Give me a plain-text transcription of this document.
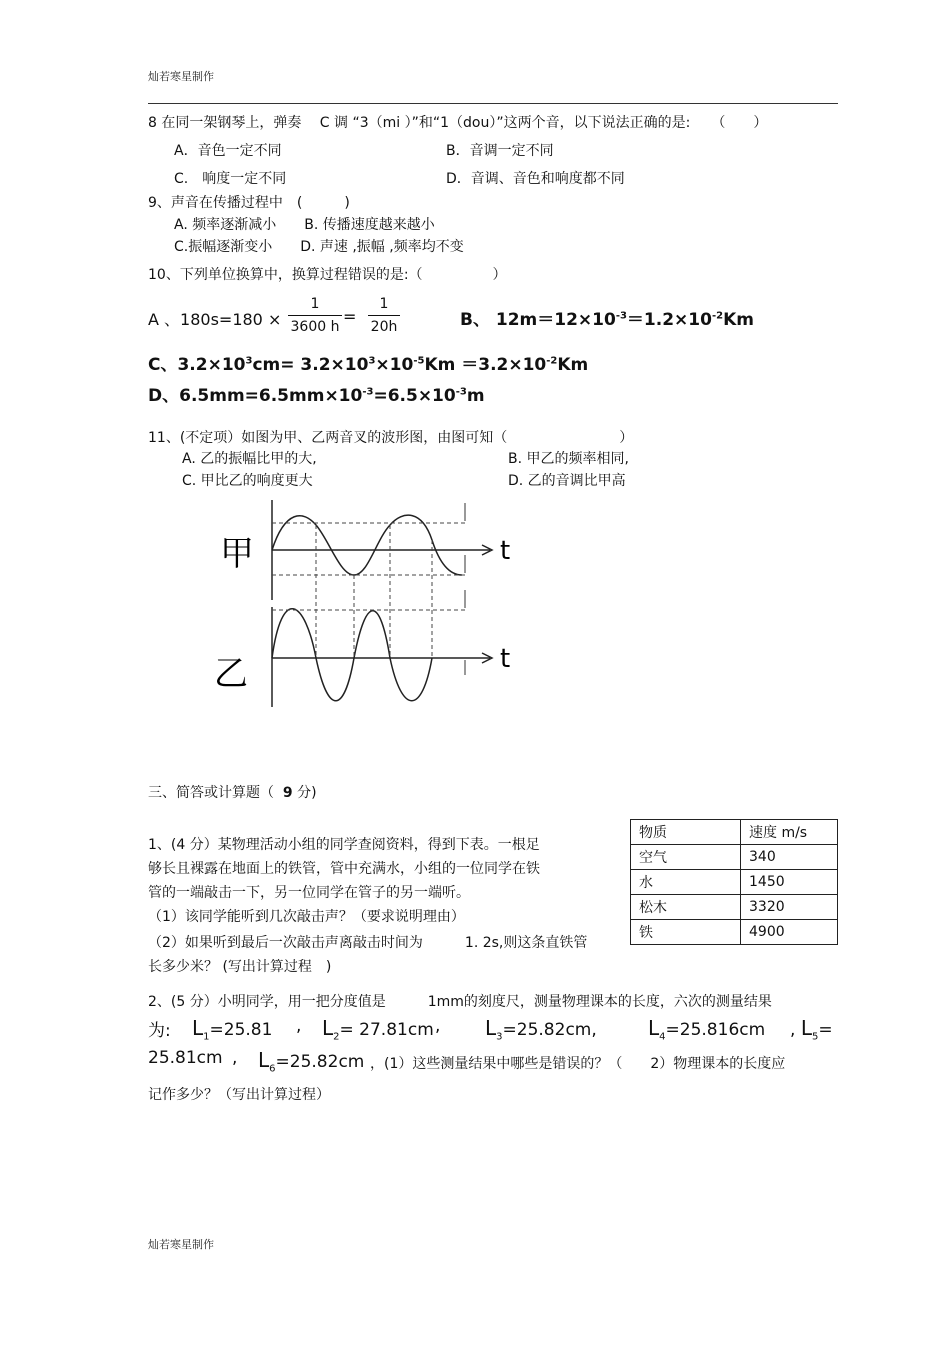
灿若寒星制作
8 在同一架钢琴上，弹奏　 C 调 “3（mi ）”和“1（dou）”这两个音，以下说法正确的是:　　（　　）
A．音色一定不同	B．音调一定不同
C.　响度一定不同	D．音调、音色和响度都不同
9、声音在传播过程中　(　　　)
A. 频率逐渐减小　　B. 传播速度越来越小
C.振幅逐渐变小　　D. 声速 ,振幅 ,频率均不变
10、下列单位换算中，换算过程错误的是:（　　　　　）
A 、180s=180 ×
1
3600 h
=
1
20h	B、 $12m=12\times 10^{-3}=1.2\times 10^{-2}Km$
C、$3.2\times 10^3cm= 3.2\times 10^3\times 10^{-5}Km =3.2\times 10^{-2}Km$
D、$6.5mm=6.5mm\times 10^{-3}=6.5\times 10^{-3}m$
11、(不定项）如图为甲、乙两音叉的波形图，由图可知（　　　　　　　　）
A. 乙的振幅比甲的大,	B. 甲乙的频率相同,
C. 甲比乙的响度更大	D. 乙的音调比甲高
甲
乙
t
t
三、简答或计算题（ 9 分)
1、(4 分）某物理活动小组的同学查阅资料，得到下表。一根足
够长且裸露在地面上的铁管，管中充满水，小组的一位同学在铁
管的一端敲击一下，另一位同学在管子的另一端听。
（1）该同学能听到几次敲击声？（要求说明理由）
（2）如果听到最后一次敲击声离敲击时间为　　　1. 2s,则这条直铁管
长多少米？ (写出计算过程　)
物质	速度 m/s
空气	340
水	1450
松木	3320
铁	4900
2、(5 分）小明同学，用一把分度值是　　　1mm的刻度尺，测量物理课本的长度，六次的测量结果
为: $L_1=25.81$ , $L_2= 27.81cm$ , $L_3=25.82cm$,	$L_4=25.816cm$ , $L_5=$
25.81cm , $L_6=25.82cm$ ，(1）这些测量结果中哪些是错误的？（　　2）物理课本的长度应
记作多少？（写出计算过程）
灿若寒星制作
